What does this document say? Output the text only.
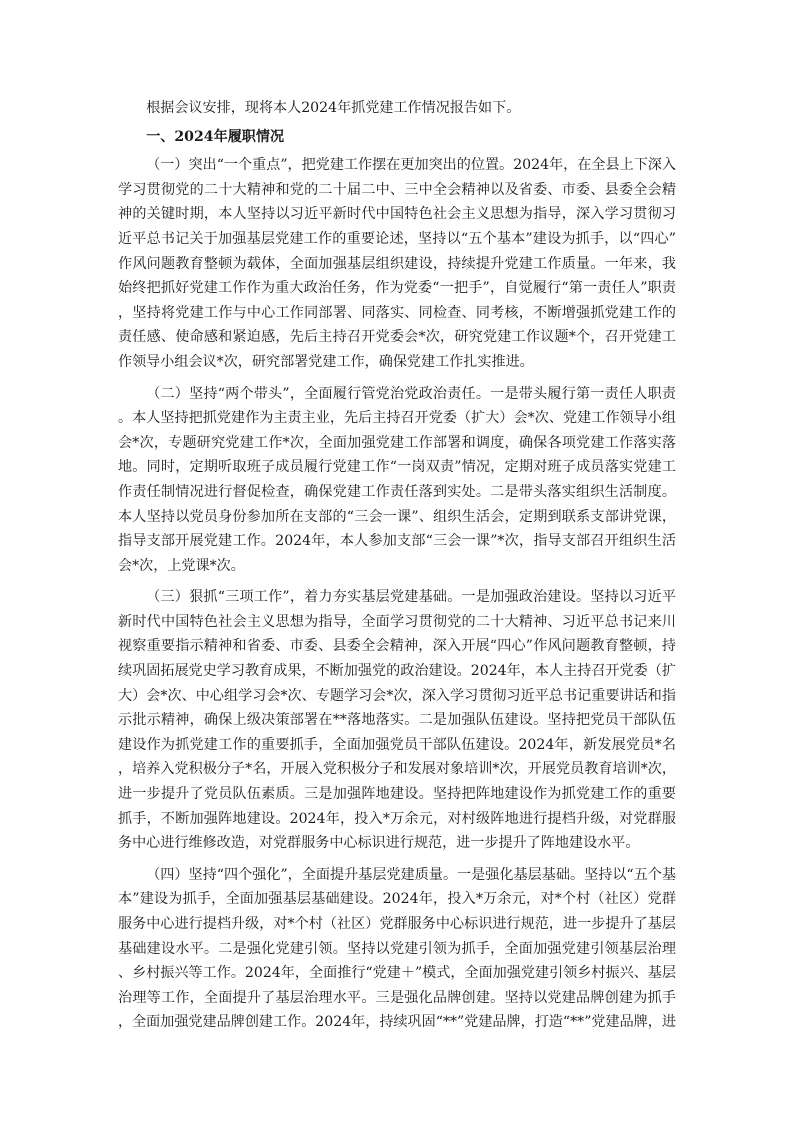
根据会议安排，现将本人2024年抓党建工作情况报告如下。

一、2024年履职情况

（一）突出“一个重点”，把党建工作摆在更加突出的位置。2024年，在全县上下深入学习贯彻党的二十大精神和党的二十届二中、三中全会精神以及省委、市委、县委全会精神的关键时期，本人坚持以习近平新时代中国特色社会主义思想为指导，深入学习贯彻习近平总书记关于加强基层党建工作的重要论述，坚持以“五个基本”建设为抓手，以“四心”作风问题教育整顿为载体，全面加强基层组织建设，持续提升党建工作质量。一年来，我始终把抓好党建工作作为重大政治任务，作为党委“一把手”，自觉履行“第一责任人”职责，坚持将党建工作与中心工作同部署、同落实、同检查、同考核，不断增强抓党建工作的责任感、使命感和紧迫感，先后主持召开党委会*次，研究党建工作议题*个，召开党建工作领导小组会议*次，研究部署党建工作，确保党建工作扎实推进。

（二）坚持“两个带头”，全面履行管党治党政治责任。一是带头履行第一责任人职责。本人坚持把抓党建作为主责主业，先后主持召开党委（扩大）会*次、党建工作领导小组会*次，专题研究党建工作*次，全面加强党建工作部署和调度，确保各项党建工作落实落地。同时，定期听取班子成员履行党建工作“一岗双责”情况，定期对班子成员落实党建工作责任制情况进行督促检查，确保党建工作责任落到实处。二是带头落实组织生活制度。本人坚持以党员身份参加所在支部的“三会一课”、组织生活会，定期到联系支部讲党课，指导支部开展党建工作。2024年，本人参加支部“三会一课”*次，指导支部召开组织生活会*次，上党课*次。

（三）狠抓“三项工作”，着力夯实基层党建基础。一是加强政治建设。坚持以习近平新时代中国特色社会主义思想为指导，全面学习贯彻党的二十大精神、习近平总书记来川视察重要指示精神和省委、市委、县委全会精神，深入开展“四心”作风问题教育整顿，持续巩固拓展党史学习教育成果，不断加强党的政治建设。2024年，本人主持召开党委（扩大）会*次、中心组学习会*次、专题学习会*次，深入学习贯彻习近平总书记重要讲话和指示批示精神，确保上级决策部署在**落地落实。二是加强队伍建设。坚持把党员干部队伍建设作为抓党建工作的重要抓手，全面加强党员干部队伍建设。2024年，新发展党员*名，培养入党积极分子*名，开展入党积极分子和发展对象培训*次，开展党员教育培训*次，进一步提升了党员队伍素质。三是加强阵地建设。坚持把阵地建设作为抓党建工作的重要抓手，不断加强阵地建设。2024年，投入*万余元，对村级阵地进行提档升级，对党群服务中心进行维修改造，对党群服务中心标识进行规范，进一步提升了阵地建设水平。

（四）坚持“四个强化”，全面提升基层党建质量。一是强化基层基础。坚持以“五个基本”建设为抓手，全面加强基层基础建设。2024年，投入*万余元，对*个村（社区）党群服务中心进行提档升级，对*个村（社区）党群服务中心标识进行规范，进一步提升了基层基础建设水平。二是强化党建引领。坚持以党建引领为抓手，全面加强党建引领基层治理、乡村振兴等工作。2024年，全面推行“党建＋”模式，全面加强党建引领乡村振兴、基层治理等工作，全面提升了基层治理水平。三是强化品牌创建。坚持以党建品牌创建为抓手，全面加强党建品牌创建工作。2024年，持续巩固“**”党建品牌，打造“**”党建品牌，进
